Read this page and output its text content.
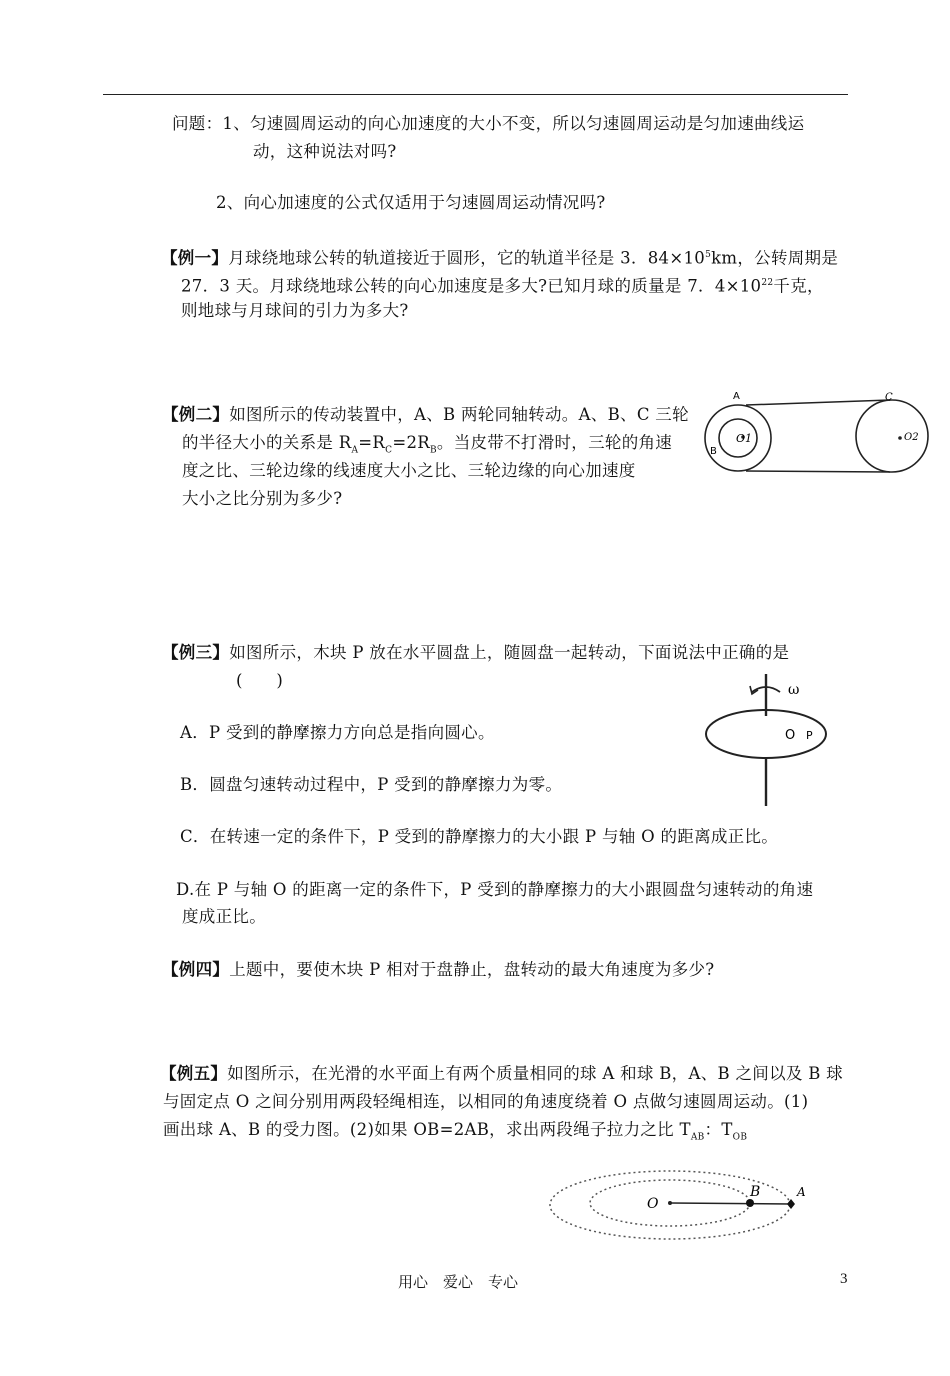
问题：1、匀速圆周运动的向心加速度的大小不变，所以匀速圆周运动是匀加速曲线运
动，这种说法对吗?
2、向心加速度的公式仅适用于匀速圆周运动情况吗?
【例一】月球绕地球公转的轨道接近于圆形，它的轨道半径是 3．$84\times 10^5km$，公转周期是
27．3 天。月球绕地球公转的向心加速度是多大?已知月球的质量是 7．$4\times 10^{22}$千克，
则地球与月球间的引力为多大?
【例二】如图所示的传动装置中，A、B 两轮同轴转动。A、B、C 三轮
的半径大小的关系是 $R_A=R_C=2R_B$。当皮带不打滑时，三轮的角速
度之比、三轮边缘的线速度大小之比、三轮边缘的向心加速度
大小之比分别为多少?
A
B
C
O1	O2
【例三】如图所示，木块 P 放在水平圆盘上，随圆盘一起转动，下面说法中正确的是
(　　)
A．P 受到的静摩擦力方向总是指向圆心。
B．圆盘匀速转动过程中，P 受到的静摩擦力为零。
C．在转速一定的条件下，P 受到的静摩擦力的大小跟 P 与轴 O 的距离成正比。
D.在 P 与轴 O 的距离一定的条件下，P 受到的静摩擦力的大小跟圆盘匀速转动的角速
度成正比。
ω
O P
【例四】上题中，要使木块 P 相对于盘静止，盘转动的最大角速度为多少?
【例五】如图所示，在光滑的水平面上有两个质量相同的球 A 和球 B，A、B 之间以及 B 球
与固定点 O 之间分别用两段轻绳相连，以相同的角速度绕着 O 点做匀速圆周运动。(1)
画出球 A、B 的受力图。(2)如果 OB=2AB，求出两段绳子拉力之比 $T_{AB}$：$T_{OB}$
O
B	A
用心　爱心　专心	3
